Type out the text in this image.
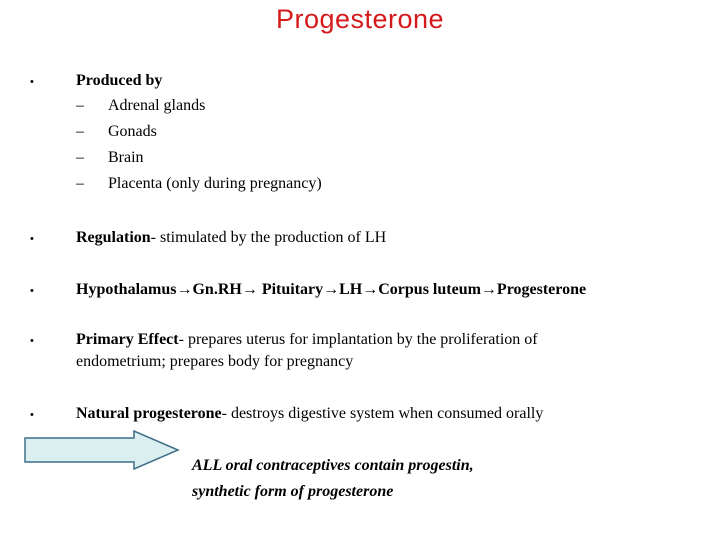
Progesterone
•	Produced by
– Adrenal glands
– Gonads
– Brain
– Placenta (only during pregnancy)
•	Regulation- stimulated by the production of LH
•	Hypothalamus→Gn.RH→ Pituitary→LH→Corpus luteum→Progesterone
•	Primary Effect- prepares uterus for implantation by the proliferation of
endometrium; prepares body for pregnancy
•	Natural progesterone- destroys digestive system when consumed orally
ALL oral contraceptives contain progestin,
synthetic form of progesterone
